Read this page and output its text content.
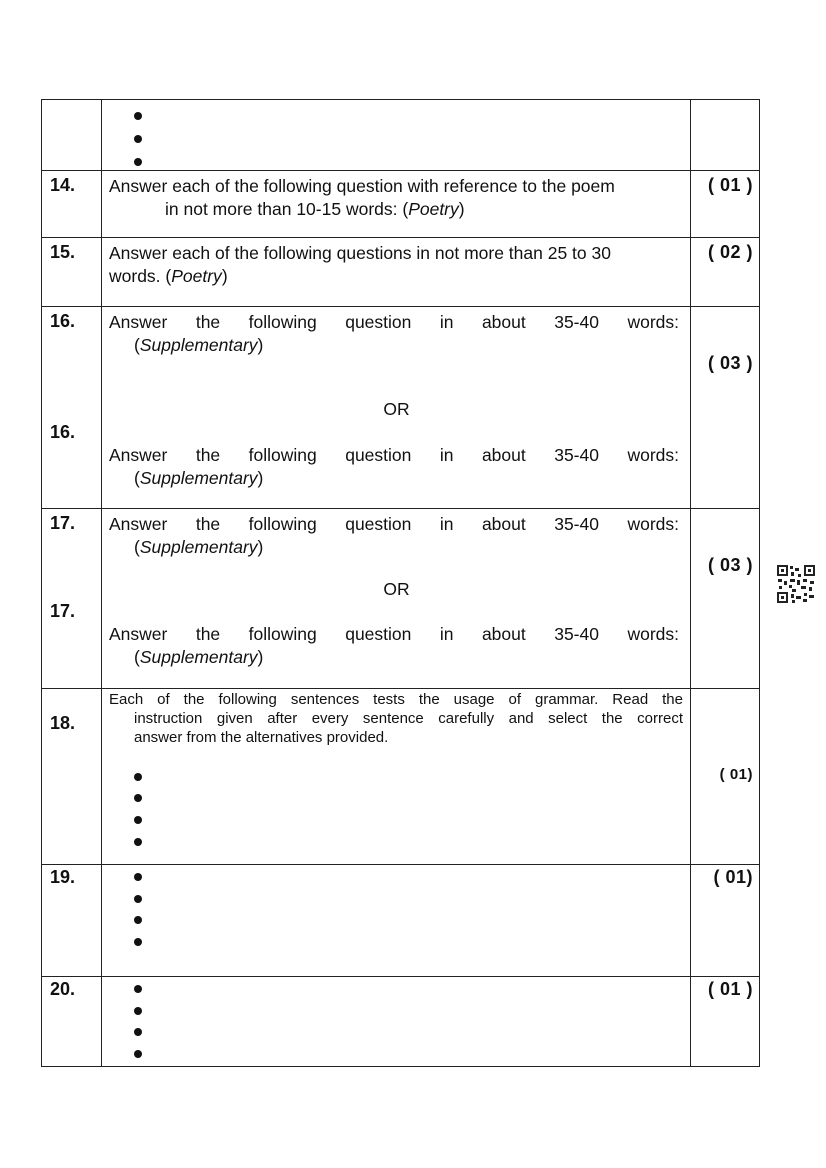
14. Answer each of the following question with reference to the poem
in not more than 10-15 words: (Poetry)
( 01 )
15. Answer each of the following questions in not more than 25 to 30
words. (Poetry)
( 02 )
16.
16.
Answer the following question in about 35-40 words:
(Supplementary)
OR
Answer the following question in about 35-40 words:
(Supplementary)
( 03 )
17.
17.
Answer the following question in about 35-40 words:
(Supplementary)
OR
Answer the following question in about 35-40 words:
(Supplementary)
( 03 )
18.
Each of the following sentences tests the usage of grammar. Read the
instruction given after every sentence carefully and select the correct
answer from the alternatives provided.
( 01)
19.	( 01)
20.	( 01 )
